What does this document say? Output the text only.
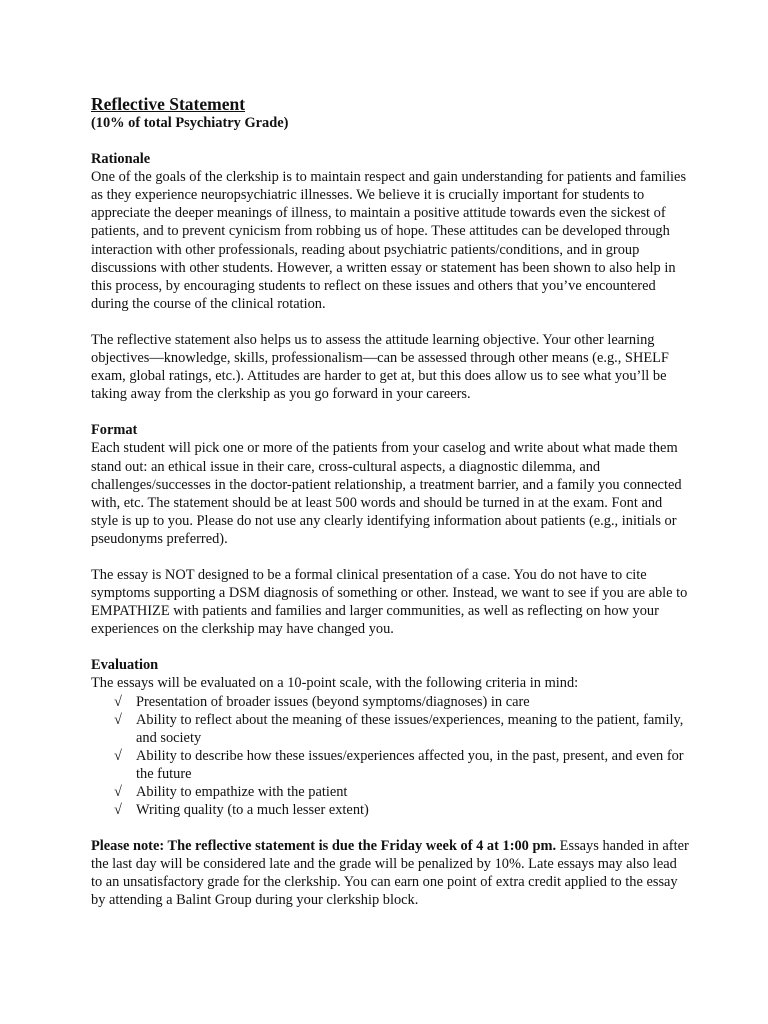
Reflective Statement
(10% of total Psychiatry Grade)
Rationale

One of the goals of the clerkship is to maintain respect and gain understanding for patients and families as they experience neuropsychiatric illnesses. We believe it is crucially important for students to appreciate the deeper meanings of illness, to maintain a positive attitude towards even the sickest of patients, and to prevent cynicism from robbing us of hope. These attitudes can be developed through interaction with other professionals, reading about psychiatric patients/conditions, and in group discussions with other students. However, a written essay or statement has been shown to also help in this process, by encouraging students to reflect on these issues and others that you’ve encountered during the course of the clinical rotation.

The reflective statement also helps us to assess the attitude learning objective. Your other learning objectives—knowledge, skills, professionalism—can be assessed through other means (e.g., SHELF exam, global ratings, etc.). Attitudes are harder to get at, but this does allow us to see what you’ll be taking away from the clerkship as you go forward in your careers.

Format

Each student will pick one or more of the patients from your caselog and write about what made them stand out: an ethical issue in their care, cross-cultural aspects, a diagnostic dilemma, and challenges/successes in the doctor-patient relationship, a treatment barrier, and a family you connected with, etc. The statement should be at least 500 words and should be turned in at the exam. Font and style is up to you. Please do not use any clearly identifying information about patients (e.g., initials or pseudonyms preferred).

The essay is NOT designed to be a formal clinical presentation of a case. You do not have to cite symptoms supporting a DSM diagnosis of something or other. Instead, we want to see if you are able to EMPATHIZE with patients and families and larger communities, as well as reflecting on how your experiences on the clerkship may have changed you.

Evaluation
The essays will be evaluated on a 10-point scale, with the following criteria in mind:
√ Presentation of broader issues (beyond symptoms/diagnoses) in care
√ Ability to reflect about the meaning of these issues/experiences, meaning to the patient, family, and society
√ Ability to describe how these issues/experiences affected you, in the past, present, and even for the future
√ Ability to empathize with the patient
√ Writing quality (to a much lesser extent)

Please note: The reflective statement is due the Friday week of 4 at 1:00 pm. Essays handed in after the last day will be considered late and the grade will be penalized by 10%. Late essays may also lead to an unsatisfactory grade for the clerkship. You can earn one point of extra credit applied to the essay by attending a Balint Group during your clerkship block.
